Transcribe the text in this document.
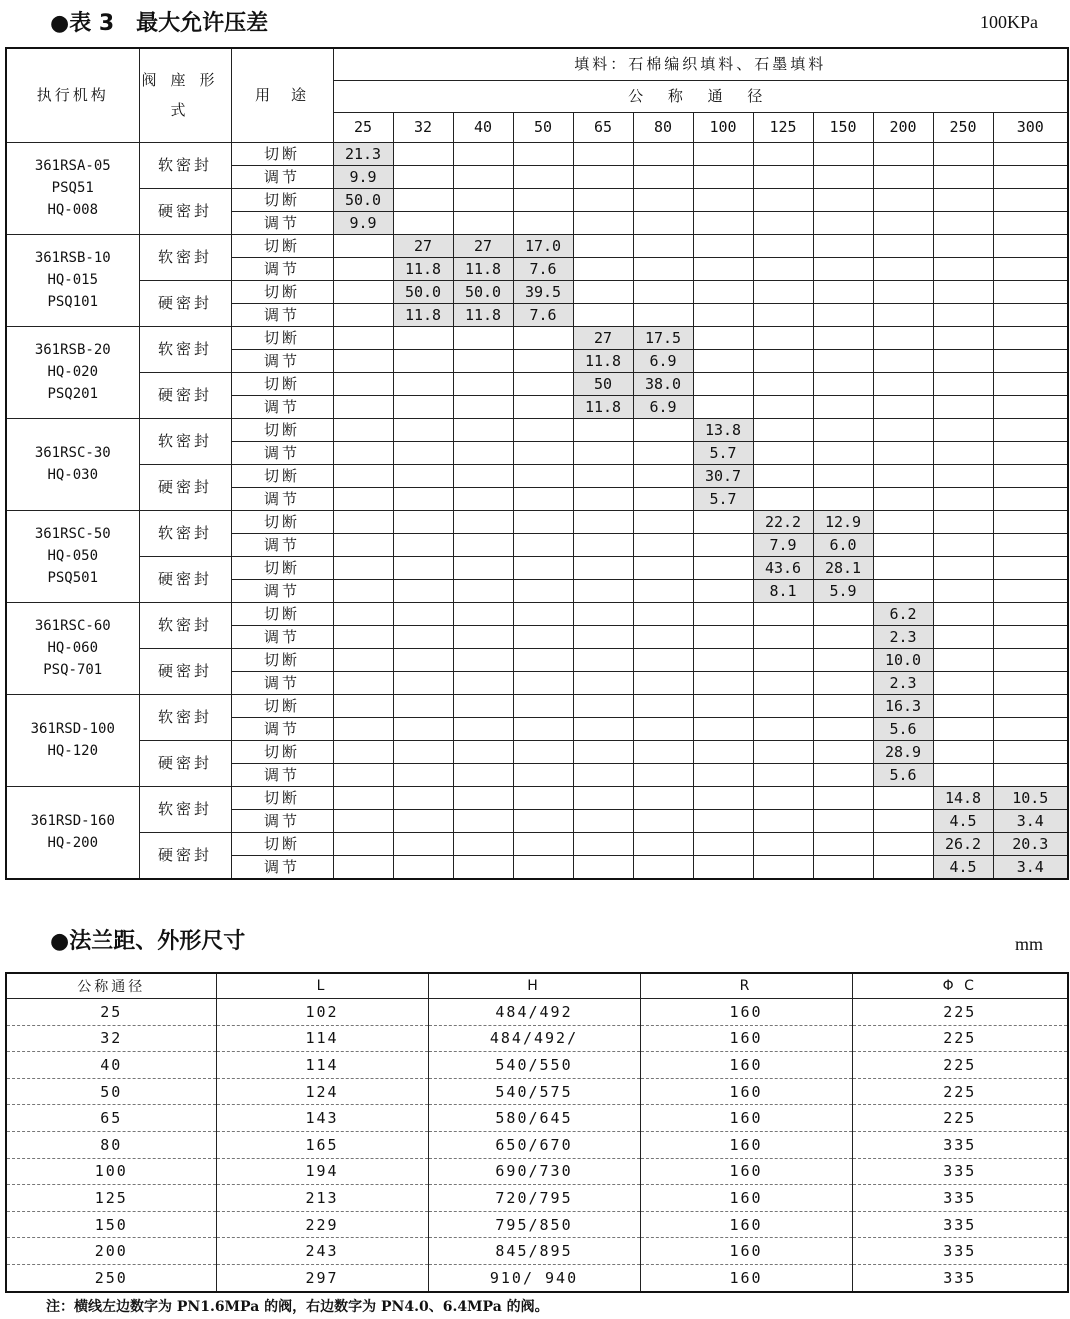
●表 3　最大允许压差	100KPa
执行机构	阀座形式	用　途	填料：石棉编织填料、石墨填料											
			公 称 通 径											
			25	32	40	50	65	80	100	125	150	200	250	300

361RSA-05
PSQ51
HQ-008	软密封	切断	21.3											
		调节	9.9											
	硬密封	切断	50.0											
		调节	9.9											

361RSB-10
HQ-015
PSQ101	软密封	切断		27	27	17.0								
		调节		11.8	11.8	7.6								
	硬密封	切断		50.0	50.0	39.5								
		调节		11.8	11.8	7.6								

361RSB-20
HQ-020
PSQ201	软密封	切断					27	17.5						
		调节					11.8	6.9						
	硬密封	切断					50	38.0						
		调节					11.8	6.9						

361RSC-30
HQ-030	软密封	切断							13.8					
		调节							5.7					
	硬密封	切断							30.7					
		调节							5.7					

361RSC-50
HQ-050
PSQ501	软密封	切断								22.2	12.9			
		调节								7.9	6.0			
	硬密封	切断								43.6	28.1			
		调节								8.1	5.9			

361RSC-60
HQ-060
PSQ-701	软密封	切断										6.2		
		调节										2.3		
	硬密封	切断										10.0		
		调节										2.3		

361RSD-100
HQ-120	软密封	切断										16.3		
		调节										5.6		
	硬密封	切断										28.9		
		调节										5.6		

361RSD-160
HQ-200	软密封	切断											14.8	10.5
		调节											4.5	3.4
	硬密封	切断											26.2	20.3
		调节											4.5	3.4
●法兰距、外形尺寸	mm
公称通径	L	H	R	Φ C
25	102	484/492	160	225
32	114	484/492/	160	225
40	114	540/550	160	225
50	124	540/575	160	225
65	143	580/645	160	225
80	165	650/670	160	335
100	194	690/730	160	335
125	213	720/795	160	335
150	229	795/850	160	335
200	243	845/895	160	335
250	297	910/ 940	160	335
注：横线左边数字为 PN1.6MPa 的阀，右边数字为 PN4.0、6.4MPa 的阀。
